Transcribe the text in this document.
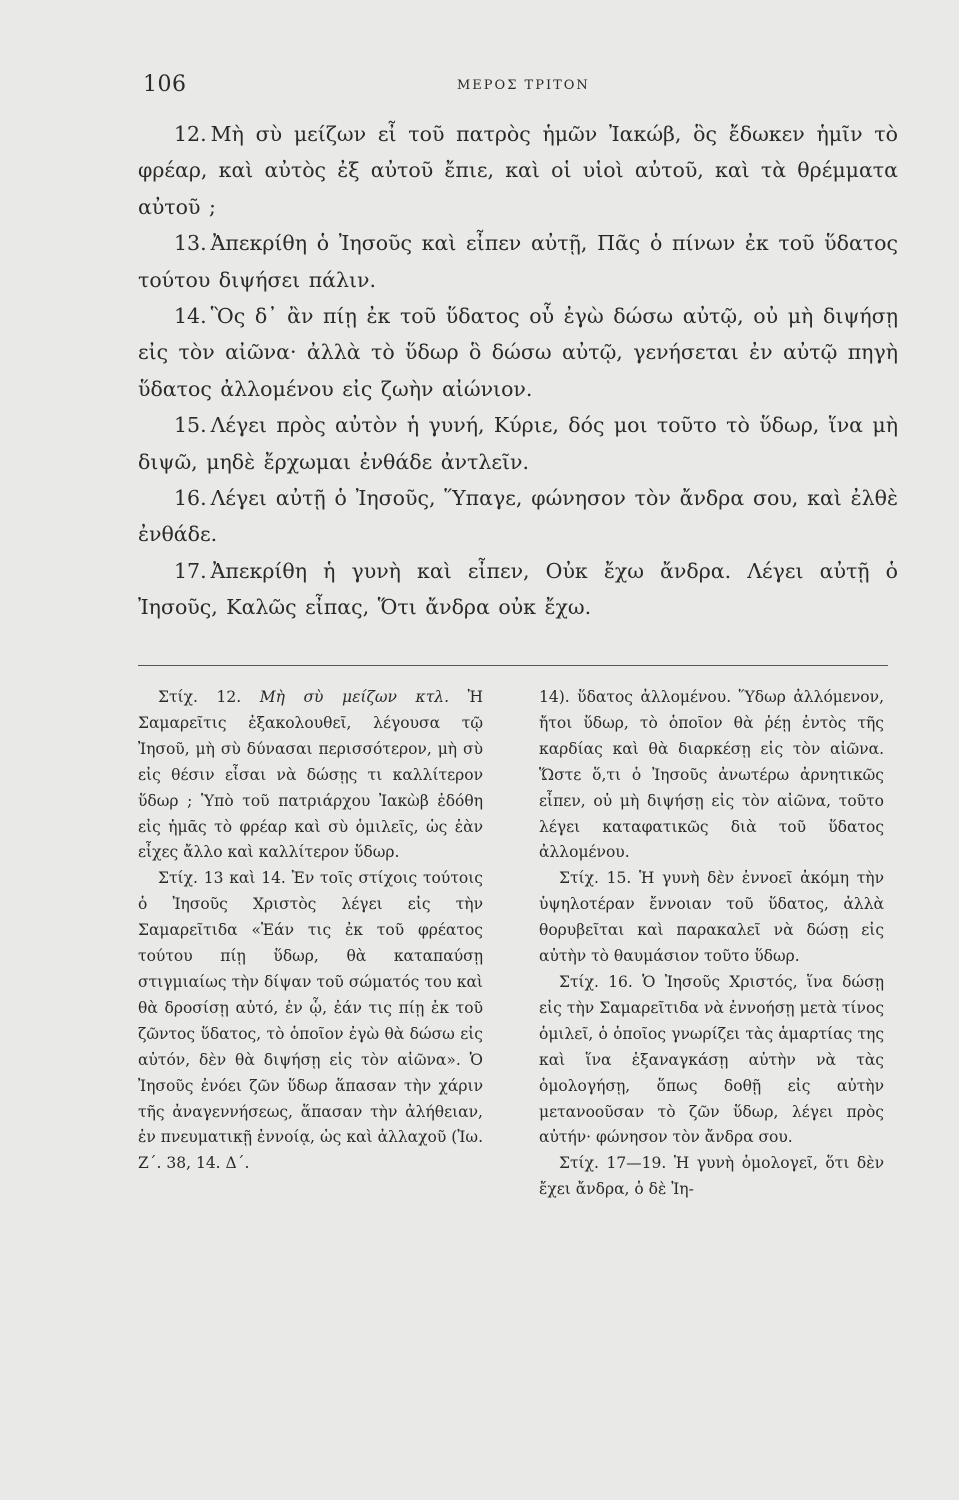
106	ΜΕΡΟΣ ΤΡΙΤΟΝ

12. Μὴ σὺ μείζων εἶ τοῦ πατρὸς ἡμῶν Ἰακώβ, ὃς ἔδωκεν ἡμῖν τὸ φρέαρ, καὶ αὐτὸς ἐξ αὐτοῦ ἔπιε, καὶ οἱ υἱοὶ αὐτοῦ, καὶ τὰ θρέμματα αὐτοῦ ;

13. Ἀπεκρίθη ὁ Ἰησοῦς καὶ εἶπεν αὐτῇ, Πᾶς ὁ πίνων ἐκ τοῦ ὕδατος τούτου διψήσει πάλιν.

14. Ὃς δ᾽ ἂν πίῃ ἐκ τοῦ ὕδατος οὗ ἐγὼ δώσω αὐτῷ, οὐ μὴ διψήσῃ εἰς τὸν αἰῶνα· ἀλλὰ τὸ ὕδωρ ὃ δώσω αὐτῷ, γενήσεται ἐν αὐτῷ πηγὴ ὕδατος ἀλλομένου εἰς ζωὴν αἰώνιον.

15. Λέγει πρὸς αὐτὸν ἡ γυνή, Κύριε, δός μοι τοῦτο τὸ ὕδωρ, ἵνα μὴ διψῶ, μηδὲ ἔρχωμαι ἐνθάδε ἀντλεῖν.

16. Λέγει αὐτῇ ὁ Ἰησοῦς, Ὕπαγε, φώνησον τὸν ἄνδρα σου, καὶ ἐλθὲ ἐνθάδε.

17. Ἀπεκρίθη ἡ γυνὴ καὶ εἶπεν, Οὐκ ἔχω ἄνδρα. Λέγει αὐτῇ ὁ Ἰησοῦς, Καλῶς εἶπας, Ὅτι ἄνδρα οὐκ ἔχω.

Στίχ. 12. Μὴ σὺ μείζων κτλ. Ἡ Σαμαρεῖτις ἐξακολουθεῖ, λέγουσα τῷ Ἰησοῦ, μὴ σὺ δύνασαι περισσότερον, μὴ σὺ εἰς θέσιν εἶσαι νὰ δώσῃς τι καλλίτερον ὕδωρ ; Ὑπὸ τοῦ πατριάρχου Ἰακὼβ ἐδόθη εἰς ἡμᾶς τὸ φρέαρ καὶ σὺ ὁμιλεῖς, ὡς ἐὰν εἶχες ἄλλο καὶ καλλίτερον ὕδωρ.

Στίχ. 13 καὶ 14. Ἐν τοῖς στίχοις τούτοις ὁ Ἰησοῦς Χριστὸς λέγει εἰς τὴν Σαμαρεῖτιδα «Ἐάν τις ἐκ τοῦ φρέατος τούτου πίῃ ὕδωρ, θὰ καταπαύσῃ στιγμιαίως τὴν δίψαν τοῦ σώματός του καὶ θὰ δροσίσῃ αὐτό, ἐν ᾧ, ἐάν τις πίῃ ἐκ τοῦ ζῶντος ὕδατος, τὸ ὁποῖον ἐγὼ θὰ δώσω εἰς αὐτόν, δὲν θὰ διψήσῃ εἰς τὸν αἰῶνα». Ὁ Ἰησοῦς ἐνόει ζῶν ὕδωρ ἅπασαν τὴν χάριν τῆς ἀναγεννήσεως, ἅπασαν τὴν ἀλήθειαν, ἐν πνευματικῇ ἐννοίᾳ, ὡς καὶ ἀλλαχοῦ (Ἰω. Ζ΄. 38, 14. Δ΄.

14). ὕδατος ἀλλομένου. Ὕδωρ ἀλλόμενον, ἤτοι ὕδωρ, τὸ ὁποῖον θὰ ῥέῃ ἐντὸς τῆς καρδίας καὶ θὰ διαρκέσῃ εἰς τὸν αἰῶνα. Ὥστε ὅ,τι ὁ Ἰησοῦς ἀνωτέρω ἀρνητικῶς εἶπεν, οὐ μὴ διψήσῃ εἰς τὸν αἰῶνα, τοῦτο λέγει καταφατικῶς διὰ τοῦ ὕδατος ἀλλομένου.

Στίχ. 15. Ἡ γυνὴ δὲν ἐννοεῖ ἀκόμη τὴν ὑψηλοτέραν ἔννοιαν τοῦ ὕδατος, ἀλλὰ θορυβεῖται καὶ παρακαλεῖ νὰ δώσῃ εἰς αὐτὴν τὸ θαυμάσιον τοῦτο ὕδωρ.

Στίχ. 16. Ὁ Ἰησοῦς Χριστός, ἵνα δώσῃ εἰς τὴν Σαμαρεῖτιδα νὰ ἐννοήσῃ μετὰ τίνος ὁμιλεῖ, ὁ ὁποῖος γνωρίζει τὰς ἁμαρτίας της καὶ ἵνα ἐξαναγκάσῃ αὐτὴν νὰ τὰς ὁμολογήσῃ, ὅπως δοθῇ εἰς αὐτὴν μετανοοῦσαν τὸ ζῶν ὕδωρ, λέγει πρὸς αὐτήν· φώνησον τὸν ἄνδρα σου.

Στίχ. 17—19. Ἡ γυνὴ ὁμολογεῖ, ὅτι δὲν ἔχει ἄνδρα, ὁ δὲ Ἰη-
